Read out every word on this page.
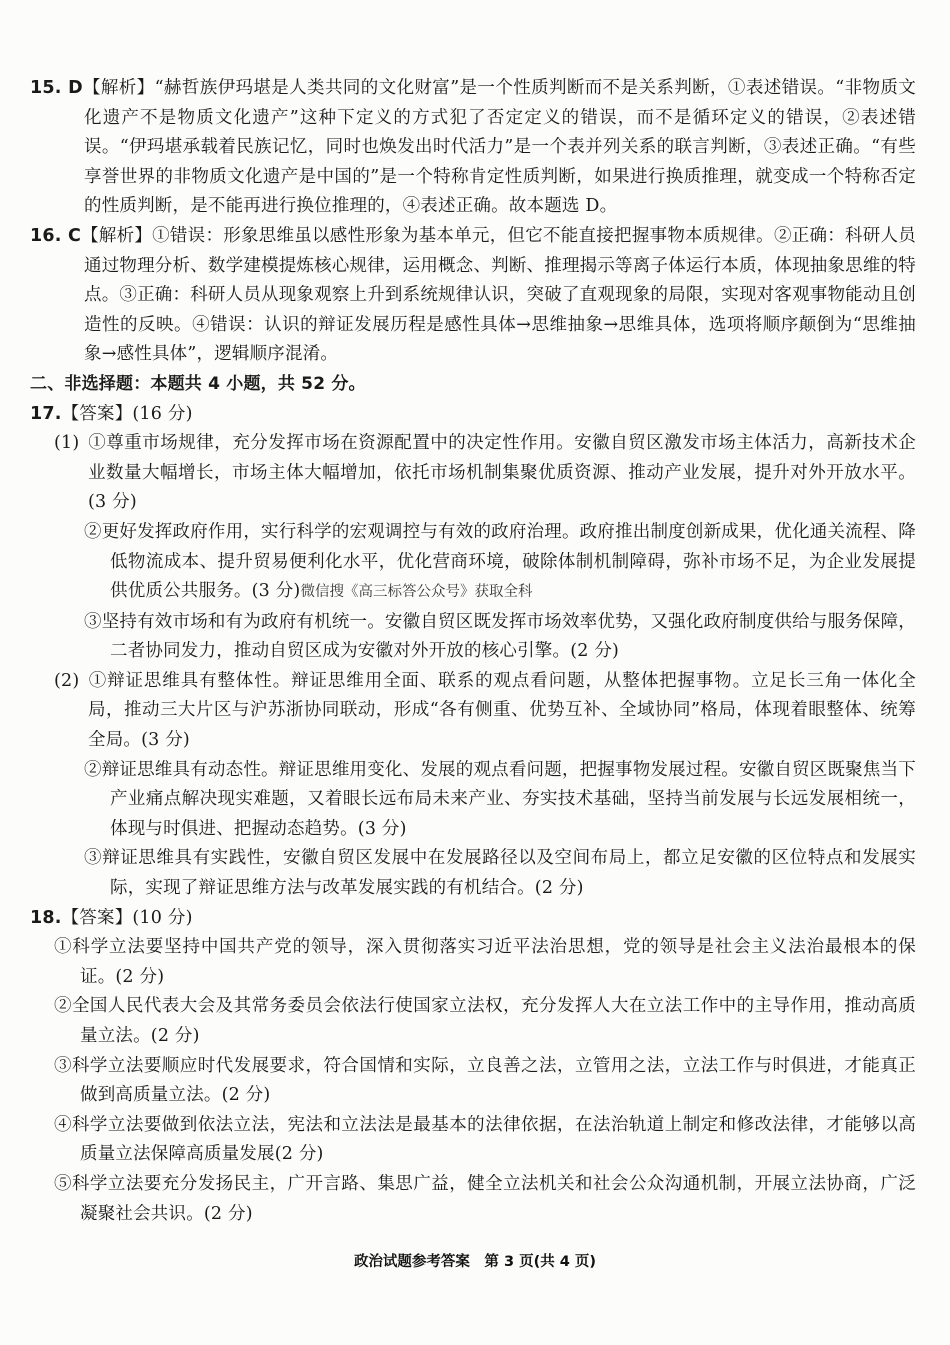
15. D【解析】“赫哲族伊玛堪是人类共同的文化财富”是一个性质判断而不是关系判断，①表述错误。“非物质文化遗产不是物质文化遗产”这种下定义的方式犯了否定定义的错误，而不是循环定义的错误，②表述错误。“伊玛堪承载着民族记忆，同时也焕发出时代活力”是一个表并列关系的联言判断，③表述正确。“有些享誉世界的非物质文化遗产是中国的”是一个特称肯定性质判断，如果进行换质推理，就变成一个特称否定的性质判断，是不能再进行换位推理的，④表述正确。故本题选 D。

16. C【解析】①错误：形象思维虽以感性形象为基本单元，但它不能直接把握事物本质规律。②正确：科研人员通过物理分析、数学建模提炼核心规律，运用概念、判断、推理揭示等离子体运行本质，体现抽象思维的特点。③正确：科研人员从现象观察上升到系统规律认识，突破了直观现象的局限，实现对客观事物能动且创造性的反映。④错误：认识的辩证发展历程是感性具体→思维抽象→思维具体，选项将顺序颠倒为“思维抽象→感性具体”，逻辑顺序混淆。

二、非选择题：本题共 4 小题，共 52 分。

17.【答案】(16 分)

(1) ①尊重市场规律，充分发挥市场在资源配置中的决定性作用。安徽自贸区激发市场主体活力，高新技术企业数量大幅增长，市场主体大幅增加，依托市场机制集聚优质资源、推动产业发展，提升对外开放水平。(3 分)

②更好发挥政府作用，实行科学的宏观调控与有效的政府治理。政府推出制度创新成果，优化通关流程、降低物流成本、提升贸易便利化水平，优化营商环境，破除体制机制障碍，弥补市场不足，为企业发展提供优质公共服务。(3 分)微信搜《高三标答公众号》获取全科

③坚持有效市场和有为政府有机统一。安徽自贸区既发挥市场效率优势，又强化政府制度供给与服务保障，二者协同发力，推动自贸区成为安徽对外开放的核心引擎。(2 分)

(2) ①辩证思维具有整体性。辩证思维用全面、联系的观点看问题，从整体把握事物。立足长三角一体化全局，推动三大片区与沪苏浙协同联动，形成“各有侧重、优势互补、全域协同”格局，体现着眼整体、统筹全局。(3 分)

②辩证思维具有动态性。辩证思维用变化、发展的观点看问题，把握事物发展过程。安徽自贸区既聚焦当下产业痛点解决现实难题，又着眼长远布局未来产业、夯实技术基础，坚持当前发展与长远发展相统一，体现与时俱进、把握动态趋势。(3 分)

③辩证思维具有实践性，安徽自贸区发展中在发展路径以及空间布局上，都立足安徽的区位特点和发展实际，实现了辩证思维方法与改革发展实践的有机结合。(2 分)

18.【答案】(10 分)

①科学立法要坚持中国共产党的领导，深入贯彻落实习近平法治思想，党的领导是社会主义法治最根本的保证。(2 分)

②全国人民代表大会及其常务委员会依法行使国家立法权，充分发挥人大在立法工作中的主导作用，推动高质量立法。(2 分)

③科学立法要顺应时代发展要求，符合国情和实际，立良善之法，立管用之法，立法工作与时俱进，才能真正做到高质量立法。(2 分)

④科学立法要做到依法立法，宪法和立法法是最基本的法律依据，在法治轨道上制定和修改法律，才能够以高质量立法保障高质量发展(2 分)

⑤科学立法要充分发扬民主，广开言路、集思广益，健全立法机关和社会公众沟通机制，开展立法协商，广泛凝聚社会共识。(2 分)

政治试题参考答案　第 3 页(共 4 页)
